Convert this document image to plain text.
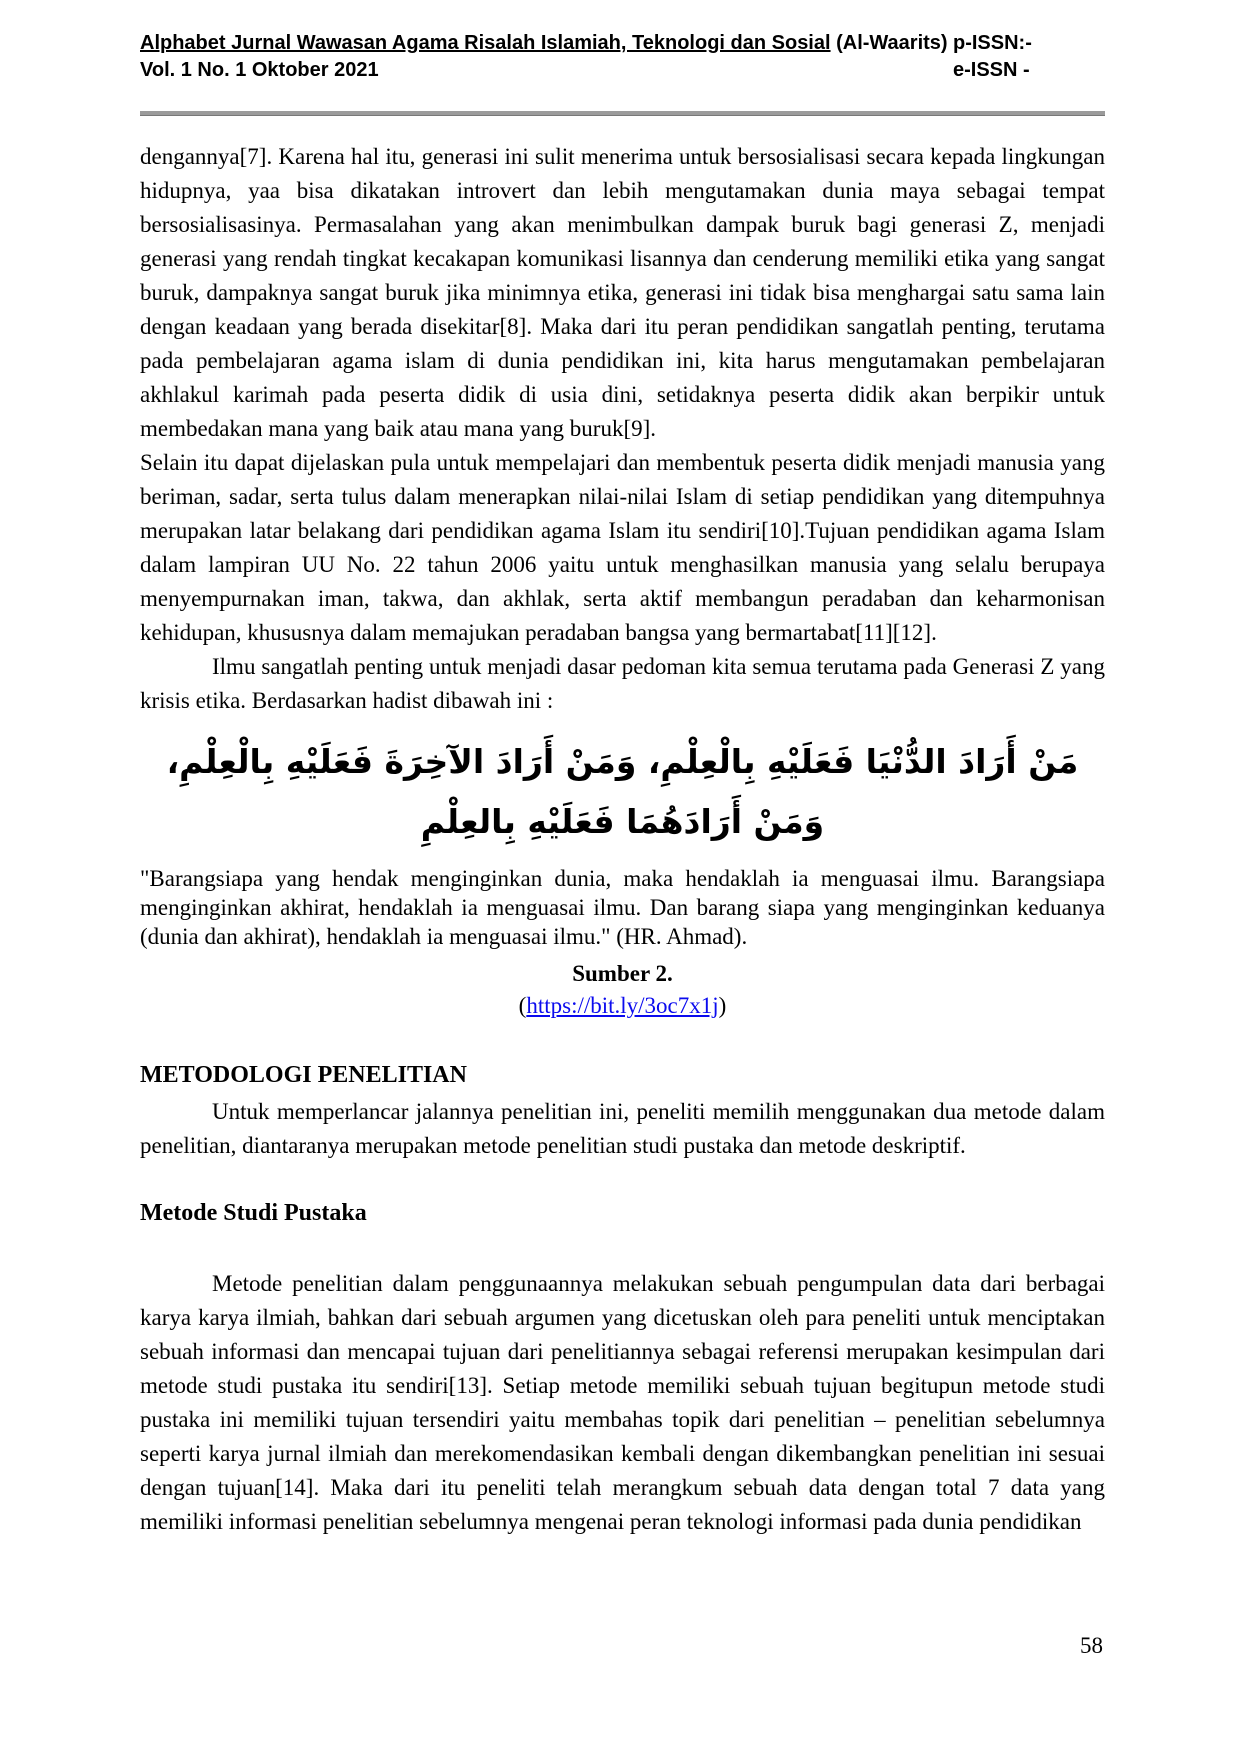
Alphabet Jurnal Wawasan Agama Risalah Islamiah, Teknologi dan Sosial (Al-Waarits)
Vol. 1 No. 1 Oktober 2021
p-ISSN:-
e-ISSN -

dengannya[7]. Karena hal itu, generasi ini sulit menerima untuk bersosialisasi secara kepada lingkungan hidupnya, yaa bisa dikatakan introvert dan lebih mengutamakan dunia maya sebagai tempat bersosialisasinya. Permasalahan yang akan menimbulkan dampak buruk bagi generasi Z, menjadi generasi yang rendah tingkat kecakapan komunikasi lisannya dan cenderung memiliki etika yang sangat buruk, dampaknya sangat buruk jika minimnya etika, generasi ini tidak bisa menghargai satu sama lain dengan keadaan yang berada disekitar[8]. Maka dari itu peran pendidikan sangatlah penting, terutama pada pembelajaran agama islam di dunia pendidikan ini, kita harus mengutamakan pembelajaran akhlakul karimah pada peserta didik di usia dini, setidaknya peserta didik akan berpikir untuk membedakan mana yang baik atau mana yang buruk[9].

Selain itu dapat dijelaskan pula untuk mempelajari dan membentuk peserta didik menjadi manusia yang beriman, sadar, serta tulus dalam menerapkan nilai-nilai Islam di setiap pendidikan yang ditempuhnya merupakan latar belakang dari pendidikan agama Islam itu sendiri[10].Tujuan pendidikan agama Islam dalam lampiran UU No. 22 tahun 2006 yaitu untuk menghasilkan manusia yang selalu berupaya menyempurnakan iman, takwa, dan akhlak, serta aktif membangun peradaban dan keharmonisan kehidupan, khususnya dalam memajukan peradaban bangsa yang bermartabat[11][12].

Ilmu sangatlah penting untuk menjadi dasar pedoman kita semua terutama pada Generasi Z yang krisis etika. Berdasarkan hadist dibawah ini :

مَنْ أَرَادَ الدُّنْيَا فَعَلَيْهِ بِالْعِلْمِ، وَمَنْ أَرَادَ الآخِرَةَ فَعَلَيْهِ بِالْعِلْمِ، وَمَنْ أَرَادَهُمَا فَعَلَيْهِ بِالعِلْمِ

"Barangsiapa yang hendak menginginkan dunia, maka hendaklah ia menguasai ilmu. Barangsiapa menginginkan akhirat, hendaklah ia menguasai ilmu. Dan barang siapa yang menginginkan keduanya (dunia dan akhirat), hendaklah ia menguasai ilmu." (HR. Ahmad).

Sumber 2.

(https://bit.ly/3oc7x1j)

METODOLOGI PENELITIAN

Untuk memperlancar jalannya penelitian ini, peneliti memilih menggunakan dua metode dalam penelitian, diantaranya merupakan metode penelitian studi pustaka dan metode deskriptif.

Metode Studi Pustaka

Metode penelitian dalam penggunaannya melakukan sebuah pengumpulan data dari berbagai karya karya ilmiah, bahkan dari sebuah argumen yang dicetuskan oleh para peneliti untuk menciptakan sebuah informasi dan mencapai tujuan dari penelitiannya sebagai referensi merupakan kesimpulan dari metode studi pustaka itu sendiri[13]. Setiap metode memiliki sebuah tujuan begitupun metode studi pustaka ini memiliki tujuan tersendiri yaitu membahas topik dari penelitian – penelitian sebelumnya seperti karya jurnal ilmiah dan merekomendasikan kembali dengan dikembangkan penelitian ini sesuai dengan tujuan[14]. Maka dari itu peneliti telah merangkum sebuah data dengan total 7 data yang memiliki informasi penelitian sebelumnya mengenai peran teknologi informasi pada dunia pendidikan

58
